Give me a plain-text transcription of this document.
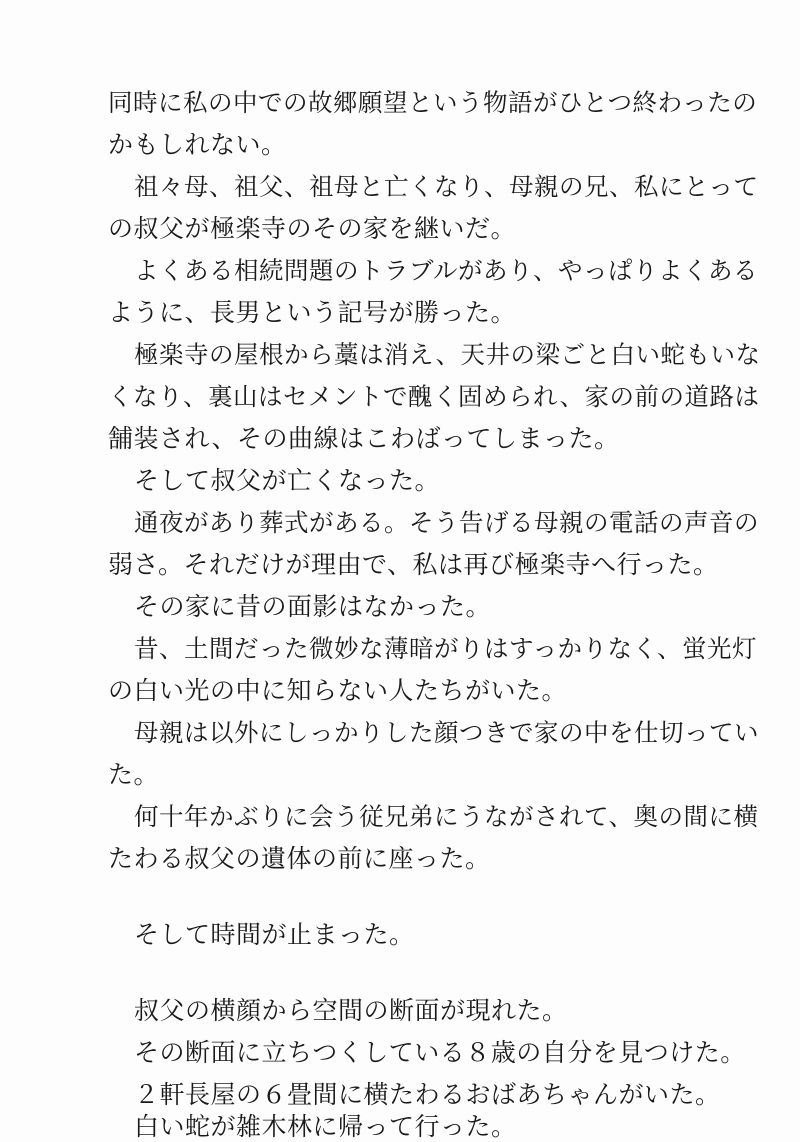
同時に私の中での故郷願望という物語がひとつ終わったの
かもしれない。
祖々母、祖父、祖母と亡くなり、母親の兄、私にとって
の叔父が極楽寺のその家を継いだ。
よくある相続問題のトラブルがあり、やっぱりよくある
ように、長男という記号が勝った。
極楽寺の屋根から藁は消え、天井の梁ごと白い蛇もいな
くなり、裏山はセメントで醜く固められ、家の前の道路は
舗装され、その曲線はこわばってしまった。
そして叔父が亡くなった。
通夜があり葬式がある。そう告げる母親の電話の声音の
弱さ。それだけが理由で、私は再び極楽寺へ行った。
その家に昔の面影はなかった。
昔、土間だった微妙な薄暗がりはすっかりなく、蛍光灯
の白い光の中に知らない人たちがいた。
母親は以外にしっかりした顔つきで家の中を仕切ってい
た。
何十年かぶりに会う従兄弟にうながされて、奥の間に横
たわる叔父の遺体の前に座った。
そして時間が止まった。
叔父の横顔から空間の断面が現れた。
その断面に立ちつくしている８歳の自分を見つけた。
２軒長屋の６畳間に横たわるおばあちゃんがいた。
白い蛇が雑木林に帰って行った。
